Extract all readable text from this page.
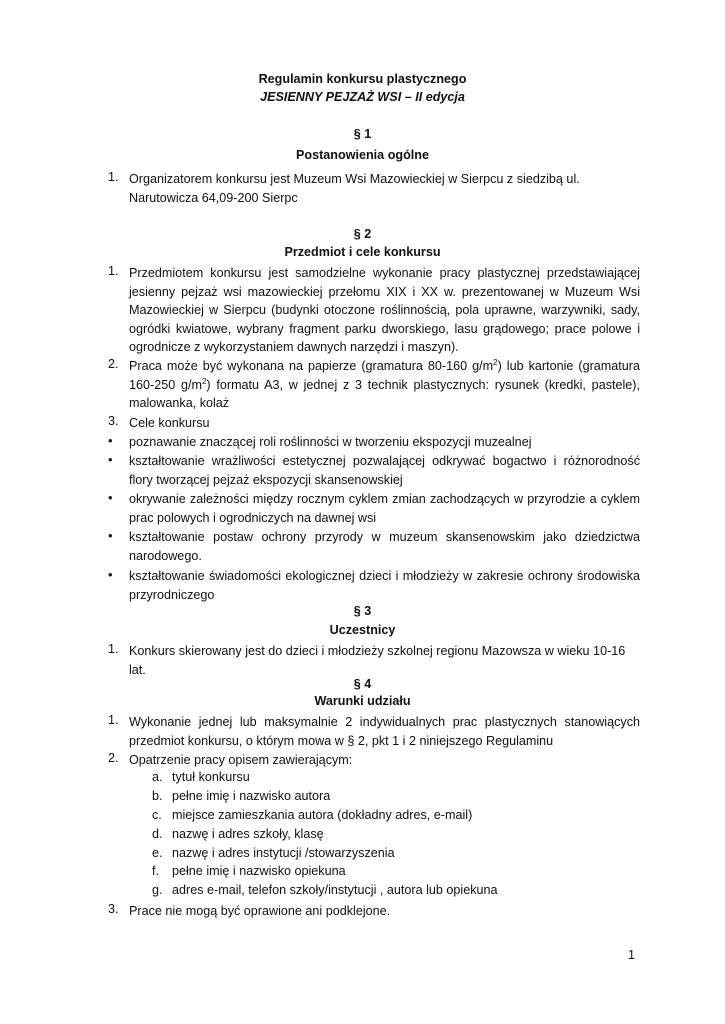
Regulamin konkursu plastycznego
JESIENNY PEJZAŻ WSI – II edycja
§ 1
Postanowienia ogólne
1. Organizatorem konkursu jest Muzeum Wsi Mazowieckiej w Sierpcu z siedzibą ul. Narutowicza 64,09-200 Sierpc
§ 2
Przedmiot i cele konkursu
1. Przedmiotem konkursu jest samodzielne wykonanie pracy plastycznej przedstawiającej jesienny pejzaż wsi mazowieckiej przełomu XIX i XX w. prezentowanej w Muzeum Wsi Mazowieckiej w Sierpcu (budynki otoczone roślinnością, pola uprawne, warzywniki, sady, ogródki kwiatowe, wybrany fragment parku dworskiego, lasu grądowego; prace polowe i ogrodnicze z wykorzystaniem dawnych narzędzi i maszyn).
2. Praca może być wykonana na papierze (gramatura 80-160 $g/m^2$) lub kartonie (gramatura 160-250 $g/m^2$) formatu A3, w jednej z 3 technik plastycznych: rysunek (kredki, pastele), malowanka, kolaż
3. Cele konkursu
•	poznawanie znaczącej roli roślinności w tworzeniu ekspozycji muzealnej
•	kształtowanie wrażliwości estetycznej pozwalającej odkrywać bogactwo i różnorodność flory tworzącej pejzaż ekspozycji skansenowskiej
•	okrywanie zależności między rocznym cyklem zmian zachodzących w przyrodzie a cyklem prac polowych i ogrodniczych na dawnej wsi
•	kształtowanie postaw ochrony przyrody w muzeum skansenowskim jako dziedzictwa narodowego.
•	kształtowanie świadomości ekologicznej dzieci i młodzieży w zakresie ochrony środowiska przyrodniczego
§ 3
Uczestnicy
1. Konkurs skierowany jest do dzieci i młodzieży szkolnej regionu Mazowsza w wieku 10-16 lat.
§ 4
Warunki udziału
1. Wykonanie jednej lub maksymalnie 2 indywidualnych prac plastycznych stanowiących przedmiot konkursu, o którym mowa w § 2, pkt 1 i 2 niniejszego Regulaminu
2. Opatrzenie pracy opisem zawierającym:
a. tytuł konkursu
b. pełne imię i nazwisko autora
c. miejsce zamieszkania autora (dokładny adres, e-mail)
d. nazwę i adres szkoły, klasę
e. nazwę i adres instytucji /stowarzyszenia
f.	pełne imię i nazwisko opiekuna
g. adres e-mail, telefon szkoły/instytucji , autora lub opiekuna
3. Prace nie mogą być oprawione ani podklejone.
1
